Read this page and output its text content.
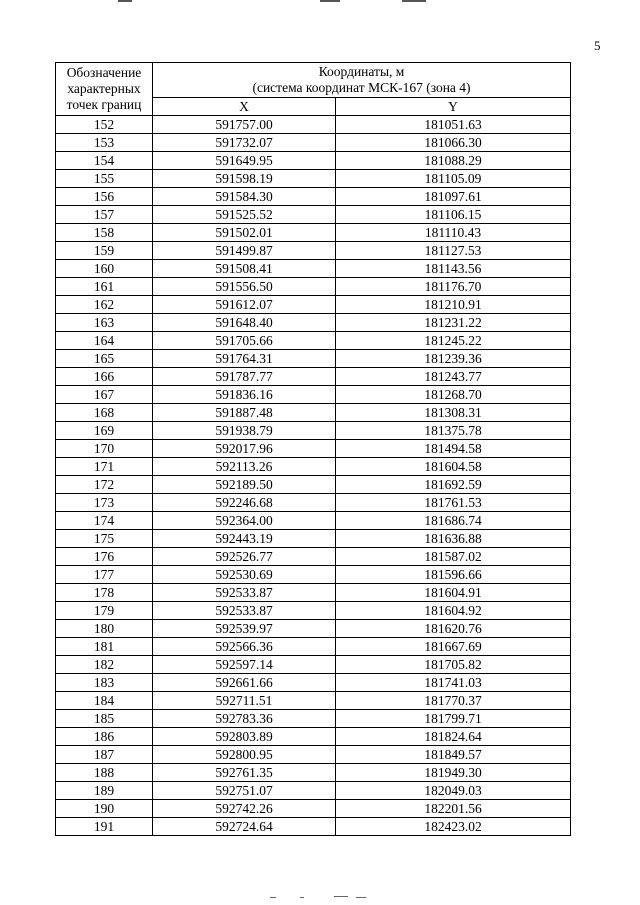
5
Обозначение
характерных
точек границ	Координаты, м
(система координат МСК-167 (зона 4)	

	X	Y
152	591757.00	181051.63
153	591732.07	181066.30
154	591649.95	181088.29
155	591598.19	181105.09
156	591584.30	181097.61
157	591525.52	181106.15
158	591502.01	181110.43
159	591499.87	181127.53
160	591508.41	181143.56
161	591556.50	181176.70
162	591612.07	181210.91
163	591648.40	181231.22
164	591705.66	181245.22
165	591764.31	181239.36
166	591787.77	181243.77
167	591836.16	181268.70
168	591887.48	181308.31
169	591938.79	181375.78
170	592017.96	181494.58
171	592113.26	181604.58
172	592189.50	181692.59
173	592246.68	181761.53
174	592364.00	181686.74
175	592443.19	181636.88
176	592526.77	181587.02
177	592530.69	181596.66
178	592533.87	181604.91
179	592533.87	181604.92
180	592539.97	181620.76
181	592566.36	181667.69
182	592597.14	181705.82
183	592661.66	181741.03
184	592711.51	181770.37
185	592783.36	181799.71
186	592803.89	181824.64
187	592800.95	181849.57
188	592761.35	181949.30
189	592751.07	182049.03
190	592742.26	182201.56
191	592724.64	182423.02
